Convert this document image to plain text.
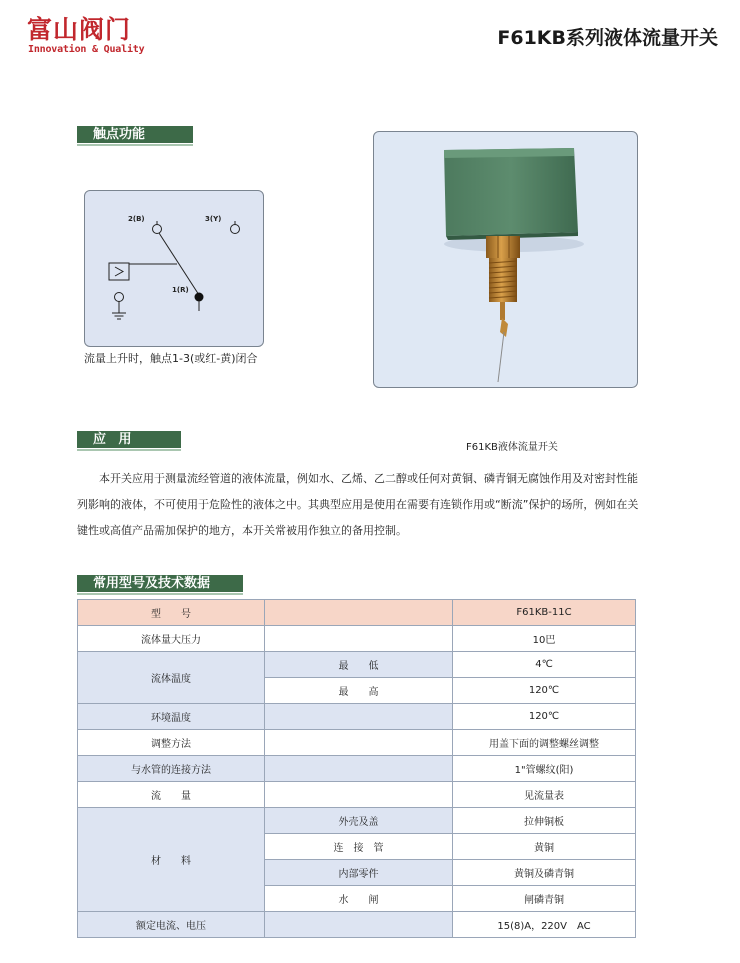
富山阀门
Innovation & Quality
F61KB系列液体流量开关
触点功能
2(B)	3(Y)
1(R)
流量上升时，触点1-3(或红-黄)闭合
F61KB液体流量开关
应 用
本开关应用于测量流经管道的液体流量，例如水、乙烯、乙二醇或任何对黄铜、磷青铜无腐蚀作用及对密封性能列影响的液体，不可使用于危险性的液体之中。其典型应用是使用在需要有连锁作用或“断流”保护的场所，例如在关键性或高值产品需加保护的地方，本开关常被用作独立的备用控制。
常用型号及技术数据
型　　号		F61KB-11C
流体量大压力		10巴
流体温度	最　　低	4℃
	最　　高	120℃
环境温度		120℃
调整方法		用盖下面的调整螺丝调整
与水管的连接方法		1"管螺纹(阳)
流　　量		见流量表
材　　料	外壳及盖	拉伸铜板
	连　接　管	黄铜
	内部零件	黄铜及磷青铜
	水　　闸	闸磷青铜
额定电流、电压		15(8)A，220V　AC
